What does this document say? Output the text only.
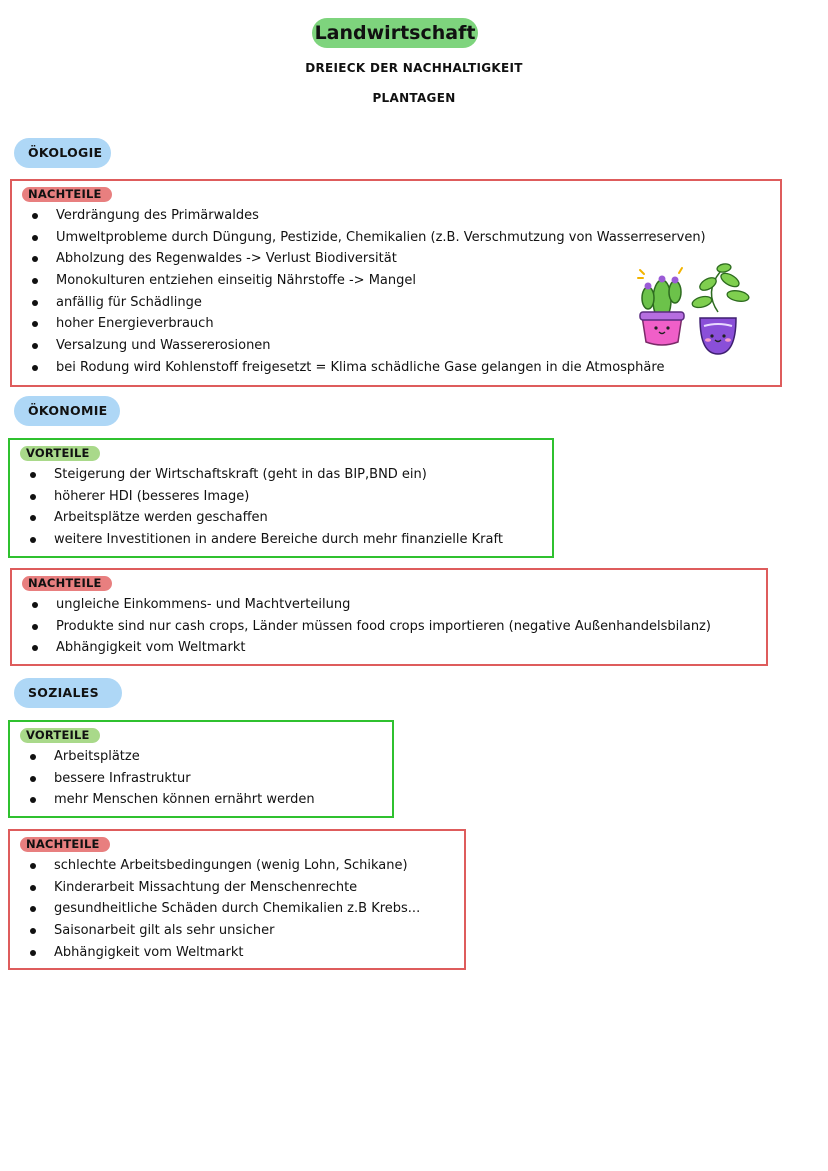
Landwirtschaft
DREIECK DER NACHHALTIGKEIT
PLANTAGEN
ÖKOLOGIE
NACHTEILE
Verdrängung des Primärwaldes
Umweltprobleme durch Düngung, Pestizide, Chemikalien (z.B. Verschmutzung von Wasserreserven)
Abholzung des Regenwaldes -> Verlust Biodiversität
Monokulturen entziehen einseitig Nährstoffe -> Mangel
anfällig für Schädlinge
hoher Energieverbrauch
Versalzung und Wassererosionen
bei Rodung wird Kohlenstoff freigesetzt = Klima schädliche Gase gelangen in die Atmosphäre
ÖKONOMIE
VORTEILE
Steigerung der Wirtschaftskraft (geht in das BIP,BND ein)
höherer HDI (besseres Image)
Arbeitsplätze werden geschaffen
weitere Investitionen in andere Bereiche durch mehr finanzielle Kraft
NACHTEILE
ungleiche Einkommens- und Machtverteilung
Produkte sind nur cash crops, Länder müssen food crops importieren (negative Außenhandelsbilanz)
Abhängigkeit vom Weltmarkt
SOZIALES
VORTEILE
Arbeitsplätze
bessere Infrastruktur
mehr Menschen können ernährt werden
NACHTEILE
schlechte Arbeitsbedingungen (wenig Lohn, Schikane)
Kinderarbeit Missachtung der Menschenrechte
gesundheitliche Schäden durch Chemikalien z.B Krebs...
Saisonarbeit gilt als sehr unsicher
Abhängigkeit vom Weltmarkt
